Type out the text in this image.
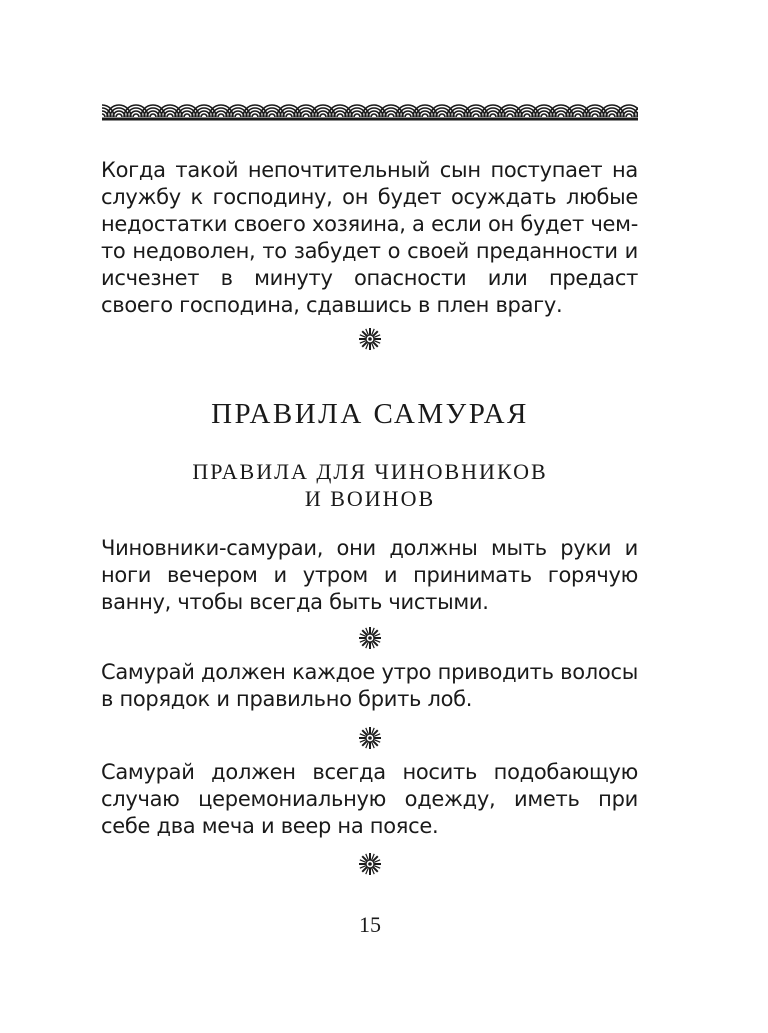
Когда такой непочтительный сын поступает на службу к господину, он будет осуждать любые недостатки своего хозяина, а если он будет чем-то недоволен, то забудет о своей преданности и исчезнет в минуту опасности или предаст своего господина, сдавшись в плен врагу.

ПРАВИЛА САМУРАЯ
ПРАВИЛА ДЛЯ ЧИНОВНИКОВ
И ВОИНОВ

Чиновники-самураи, они должны мыть руки и ноги вечером и утром и принимать горячую ванну, чтобы всегда быть чистыми.

Самурай должен каждое утро приводить волосы в порядок и правильно брить лоб.

Самурай должен всегда носить подобающую случаю церемониальную одежду, иметь при себе два меча и веер на поясе.

15
